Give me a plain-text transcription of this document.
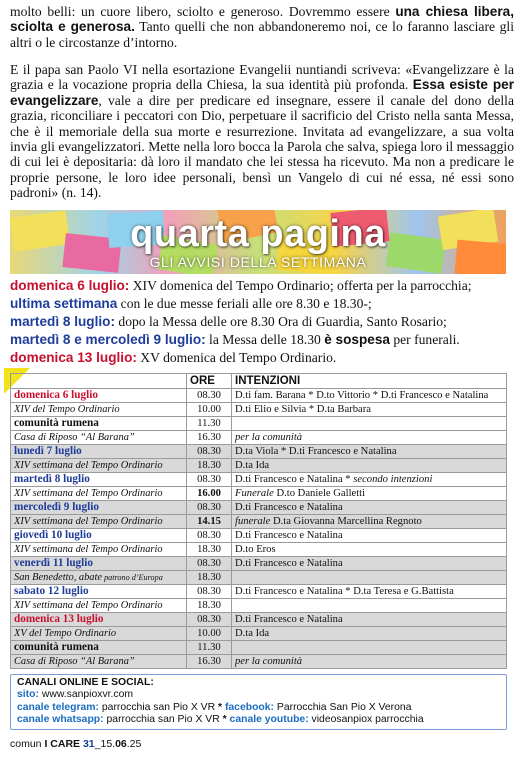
molto belli: un cuore libero, sciolto e generoso. Dovremmo essere una chiesa libera, sciolta e generosa. Tanto quelli che non abbandoneremo noi, ce lo faranno lasciare gli altri o le circostanze d’intorno.
E il papa san Paolo VI nella esortazione Evangelii nuntiandi scriveva: «Evangelizzare è la grazia e la vocazione propria della Chiesa, la sua identità più profonda. Essa esiste per evangelizzare, vale a dire per predicare ed insegnare, essere il canale del dono della grazia, riconciliare i peccatori con Dio, perpetuare il sacrificio del Cristo nella santa Messa, che è il memoriale della sua morte e resurrezione. Invitata ad evangelizzare, a sua volta invia gli evangelizzatori. Mette nella loro bocca la Parola che salva, spiega loro il messaggio di cui lei è depositaria: dà loro il mandato che lei stessa ha ricevuto. Ma non a predicare le proprie persone, le loro idee personali, bensì un Vangelo di cui né essa, né essi sono padroni» (n. 14).
quarta pagina
GLI AVVISI DELLA SETTIMANA
domenica 6 luglio: XIV domenica del Tempo Ordinario; offerta per la parrocchia;
ultima settimana con le due messe feriali alle ore 8.30 e 18.30-;
martedì 8 luglio: dopo la Messa delle ore 8.30 Ora di Guardia, Santo Rosario;
martedì 8 e mercoledì 9 luglio: la Messa delle 18.30 è sospesa per funerali.
domenica 13 luglio: XV domenica del Tempo Ordinario.
	ORE	INTENZIONI
domenica 6 luglio	08.30	D.ti fam. Barana * D.to Vittorio * D.ti Francesco e Natalina
XIV del Tempo Ordinario	10.00	D.ti Elio e Silvia * D.ta Barbara
comunità rumena	11.30	
Casa di Riposo “Al Barana”	16.30	per la comunità
lunedì 7 luglio	08.30	D.ta Viola * D.ti Francesco e Natalina
XIV settimana del Tempo Ordinario	18.30	D.ta Ida
martedì 8 luglio	08.30	D.ti Francesco e Natalina * secondo intenzioni
XIV settimana del Tempo Ordinario	16.00	Funerale D.to Daniele Galletti
mercoledì 9 luglio	08.30	D.ti Francesco e Natalina
XIV settimana del Tempo Ordinario	14.15	funerale D.ta Giovanna Marcellina Regnoto
giovedì 10 luglio	08.30	D.ti Francesco e Natalina
XIV settimana del Tempo Ordinario	18.30	D.to Eros
venerdì 11 luglio	08.30	D.ti Francesco e Natalina
San Benedetto, abate patrono d’Europa	18.30	
sabato 12 luglio	08.30	D.ti Francesco e Natalina * D.ta Teresa e G.Battista
XIV settimana del Tempo Ordinario	18.30	
domenica 13 luglio	08.30	D.ti Francesco e Natalina
XV del Tempo Ordinario	10.00	D.ta Ida
comunità rumena	11.30	
Casa di Riposo “Al Barana”	16.30	per la comunità
CANALI ONLINE E SOCIAL:
sito: www.sanpioxvr.com
canale telegram: parrocchia san Pio X VR * facebook: Parrocchia San Pio X Verona
canale whatsapp: parrocchia san Pio X VR * canale youtube: videosanpiox parrocchia
comun I CARE 31_15.06.25
